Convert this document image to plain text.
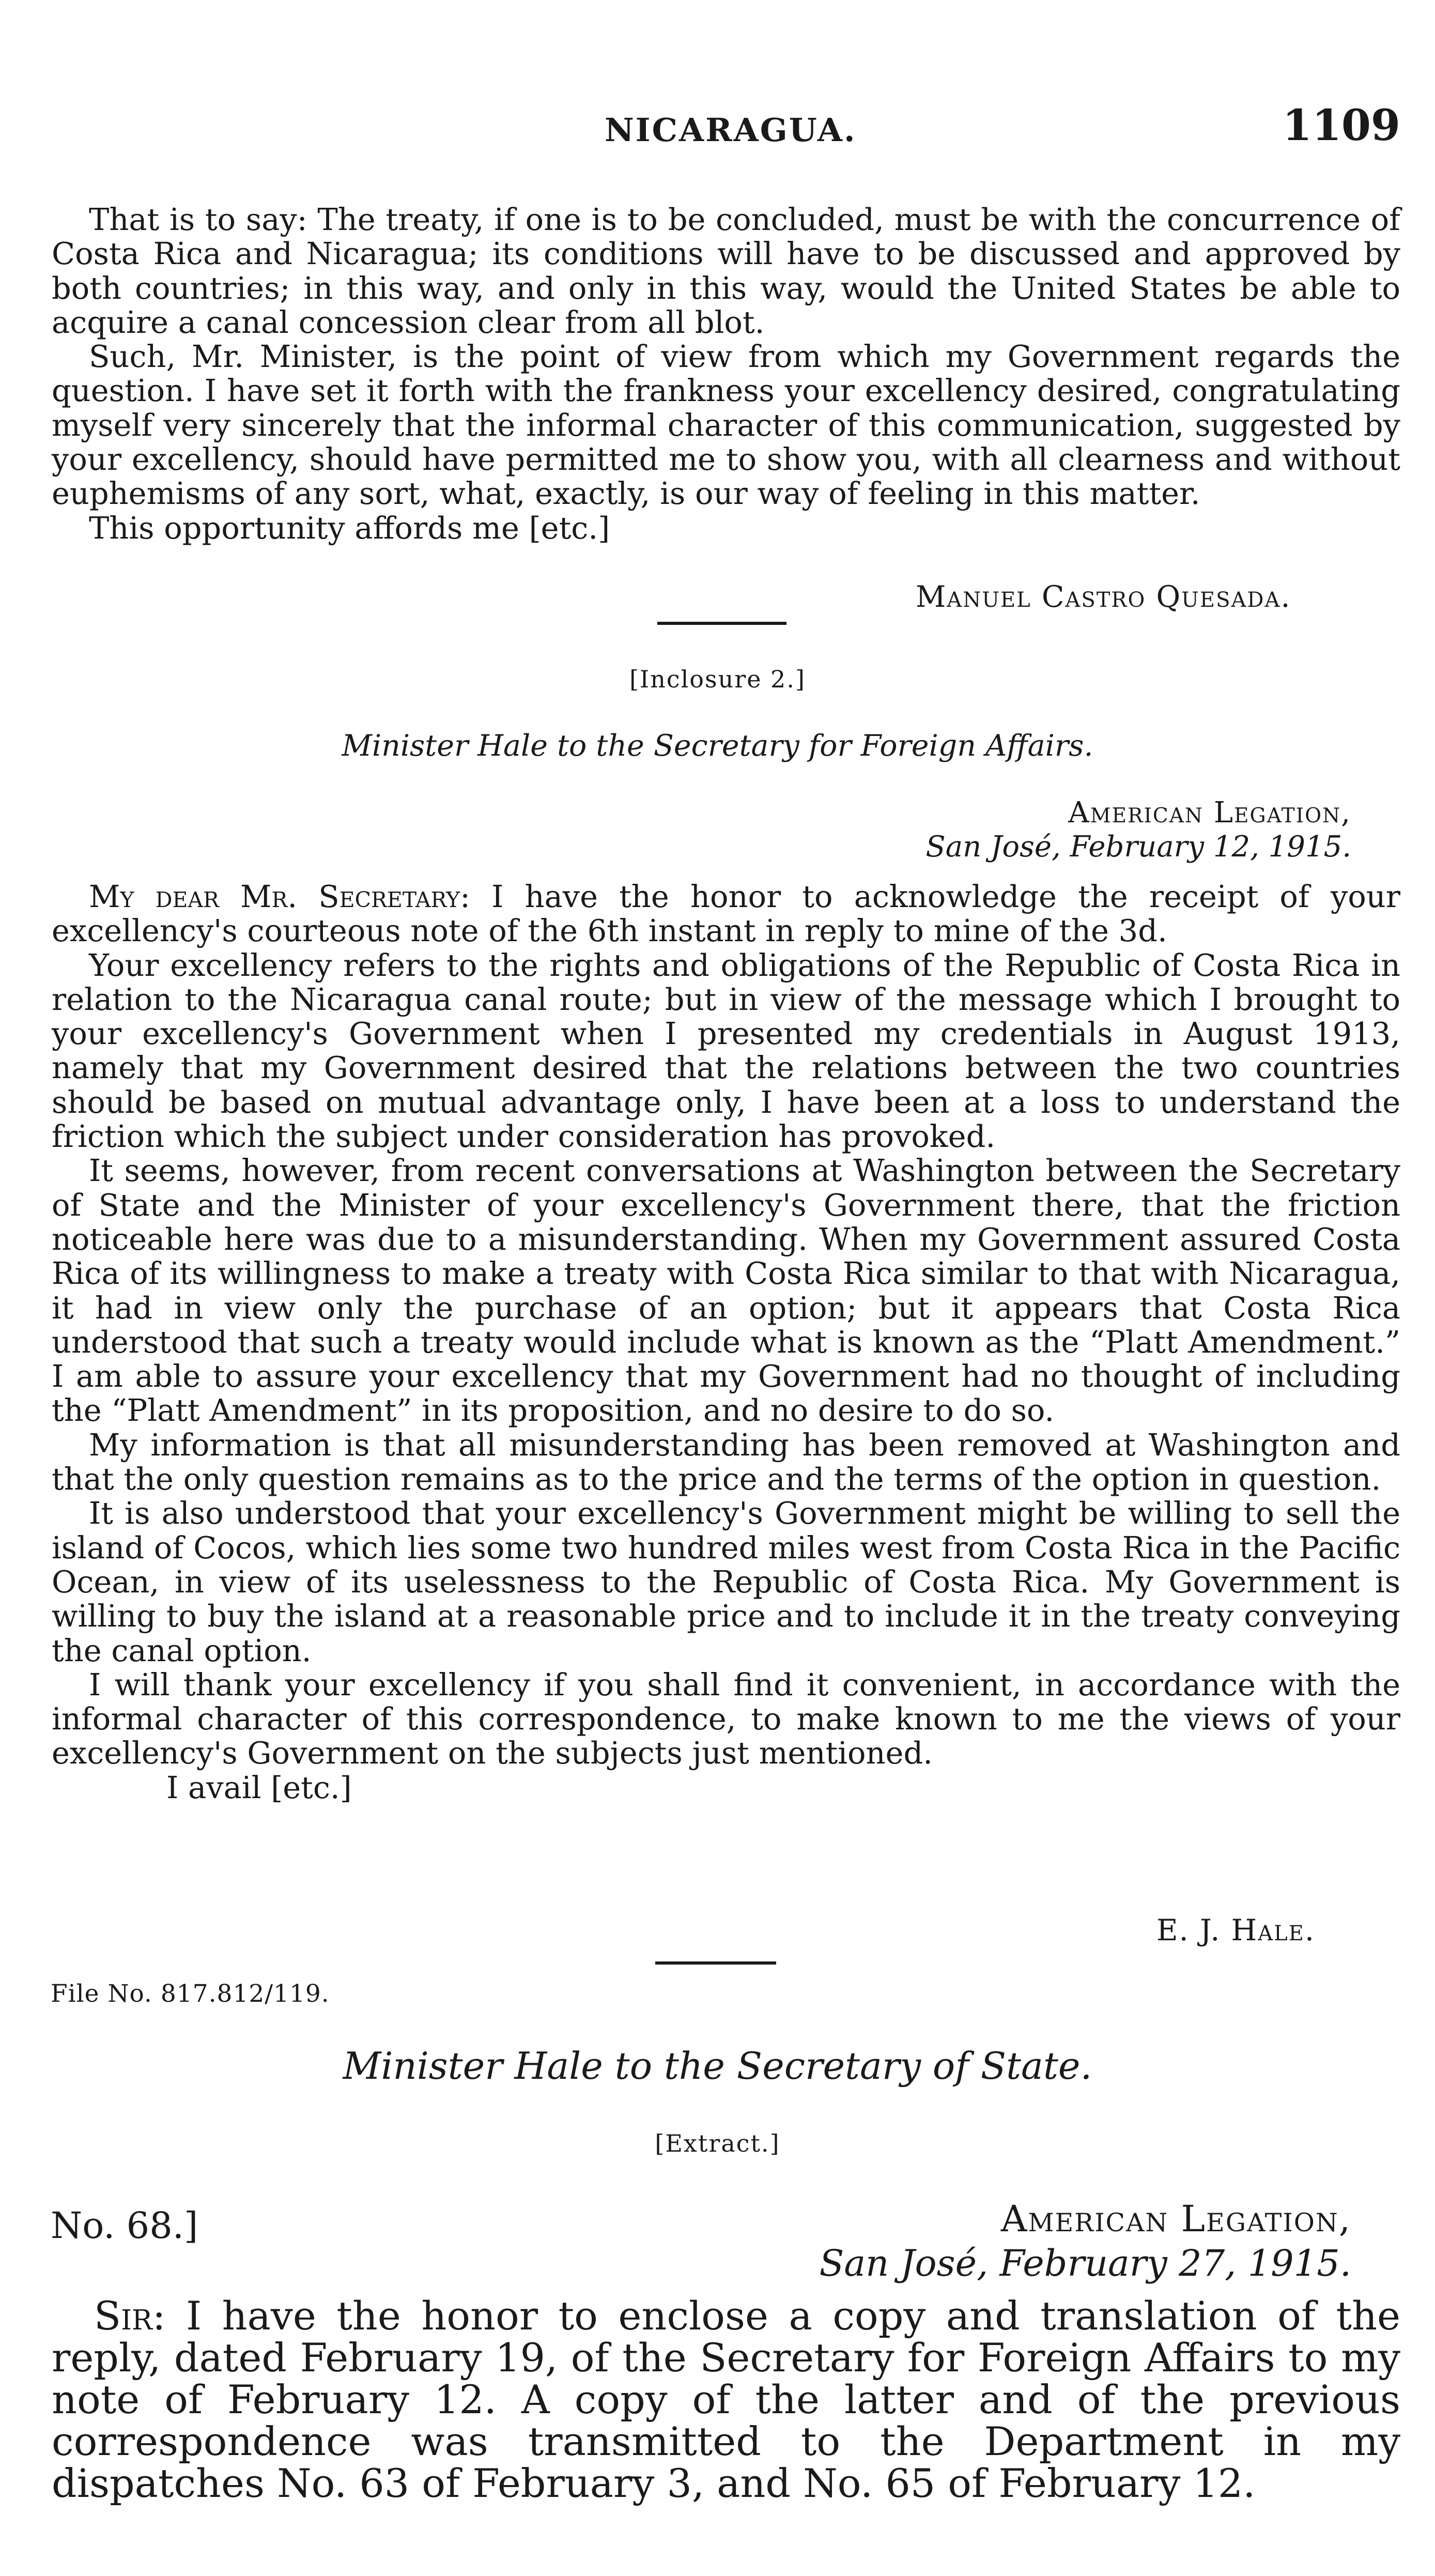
NICARAGUA.	1109

That is to say: The treaty, if one is to be concluded, must be with the concurrence of Costa Rica and Nicaragua; its conditions will have to be discussed and approved by both countries; in this way, and only in this way, would the United States be able to acquire a canal concession clear from all blot.

Such, Mr. Minister, is the point of view from which my Government regards the question. I have set it forth with the frankness your excellency desired, congratulating myself very sincerely that the informal character of this communication, suggested by your excellency, should have permitted me to show you, with all clearness and without euphemisms of any sort, what, exactly, is our way of feeling in this matter.

This opportunity affords me [etc.]

Manuel Castro Quesada.
[Inclosure 2.]
Minister Hale to the Secretary for Foreign Affairs.
American Legation,
San José, February 12, 1915.

My dear Mr. Secretary: I have the honor to acknowledge the receipt of your excellency's courteous note of the 6th instant in reply to mine of the 3d.

Your excellency refers to the rights and obligations of the Republic of Costa Rica in relation to the Nicaragua canal route; but in view of the message which I brought to your excellency's Government when I presented my credentials in August 1913, namely that my Government desired that the relations between the two countries should be based on mutual advantage only, I have been at a loss to understand the friction which the subject under consideration has provoked.

It seems, however, from recent conversations at Washington between the Secretary of State and the Minister of your excellency's Government there, that the friction noticeable here was due to a misunderstanding. When my Government assured Costa Rica of its willingness to make a treaty with Costa Rica similar to that with Nicaragua, it had in view only the purchase of an option; but it appears that Costa Rica understood that such a treaty would include what is known as the “Platt Amendment.” I am able to assure your excellency that my Government had no thought of including the “Platt Amendment” in its proposition, and no desire to do so.

My information is that all misunderstanding has been removed at Washington and that the only question remains as to the price and the terms of the option in question.

It is also understood that your excellency's Government might be willing to sell the island of Cocos, which lies some two hundred miles west from Costa Rica in the Pacific Ocean, in view of its uselessness to the Republic of Costa Rica. My Government is willing to buy the island at a reasonable price and to include it in the treaty conveying the canal option.

I will thank your excellency if you shall find it convenient, in accordance with the informal character of this correspondence, to make known to me the views of your excellency's Government on the subjects just mentioned.

I avail [etc.]

E. J. Hale.
File No. 817.812/119.
Minister Hale to the Secretary of State.
[Extract.]
No. 68.]	American Legation,
San José, February 27, 1915.

Sir: I have the honor to enclose a copy and translation of the reply, dated February 19, of the Secretary for Foreign Affairs to my note of February 12. A copy of the latter and of the previous correspondence was transmitted to the Department in my dispatches No. 63 of February 3, and No. 65 of February 12.
